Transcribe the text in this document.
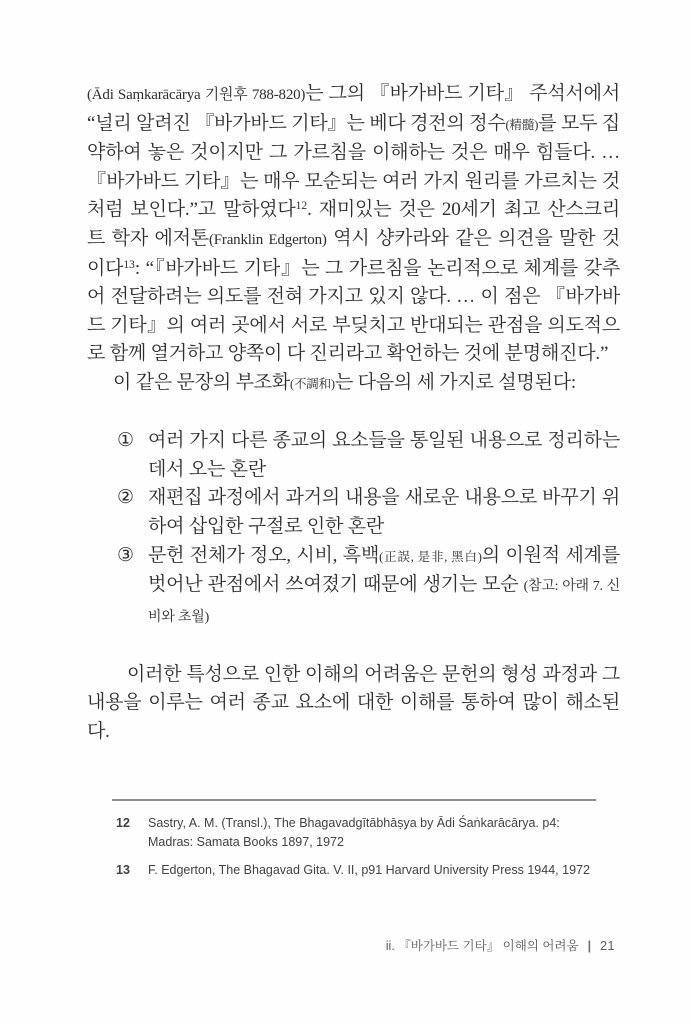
(Ādi Saṃkarācārya 기원후 788-820)는 그의 『바가바드 기타』 주석서에서 “널리 알려진 『바가바드 기타』는 베다 경전의 정수(精髓)를 모두 집약하여 놓은 것이지만 그 가르침을 이해하는 것은 매우 힘들다. … 『바가바드 기타』는 매우 모순되는 여러 가지 원리를 가르치는 것처럼 보인다.”고 말하였다$^{12}$. 재미있는 것은 20세기 최고 산스크리트 학자 에저톤(Franklin Edgerton) 역시 샹카라와 같은 의견을 말한 것이다$^{13}$: “『바가바드 기타』는 그 가르침을 논리적으로 체계를 갖추어 전달하려는 의도를 전혀 가지고 있지 않다. … 이 점은 『바가바드 기타』의 여러 곳에서 서로 부딪치고 반대되는 관점을 의도적으로 함께 열거하고 양쪽이 다 진리라고 확언하는 것에 분명해진다.”

이 같은 문장의 부조화(不調和)는 다음의 세 가지로 설명된다:

① 여러 가지 다른 종교의 요소들을 통일된 내용으로 정리하는 데서 오는 혼란
② 재편집 과정에서 과거의 내용을 새로운 내용으로 바꾸기 위하여 삽입한 구절로 인한 혼란
③ 문헌 전체가 정오, 시비, 흑백(正誤, 是非, 黑白)의 이원적 세계를 벗어난 관점에서 쓰여졌기 때문에 생기는 모순 (참고: 아래 7. 신비와 초월)

이러한 특성으로 인한 이해의 어려움은 문헌의 형성 과정과 그 내용을 이루는 여러 종교 요소에 대한 이해를 통하여 많이 해소된다.

12 Sastry, A. M. (Transl.), The Bhagavadgītābhāṣya by Ādi Śaṅkarācārya. p4: Madras: Samata Books 1897, 1972
13 F. Edgerton, The Bhagavad Gita. V. II, p91 Harvard University Press 1944, 1972
ii. 『바가바드 기타』 이해의 어려움 | 21
